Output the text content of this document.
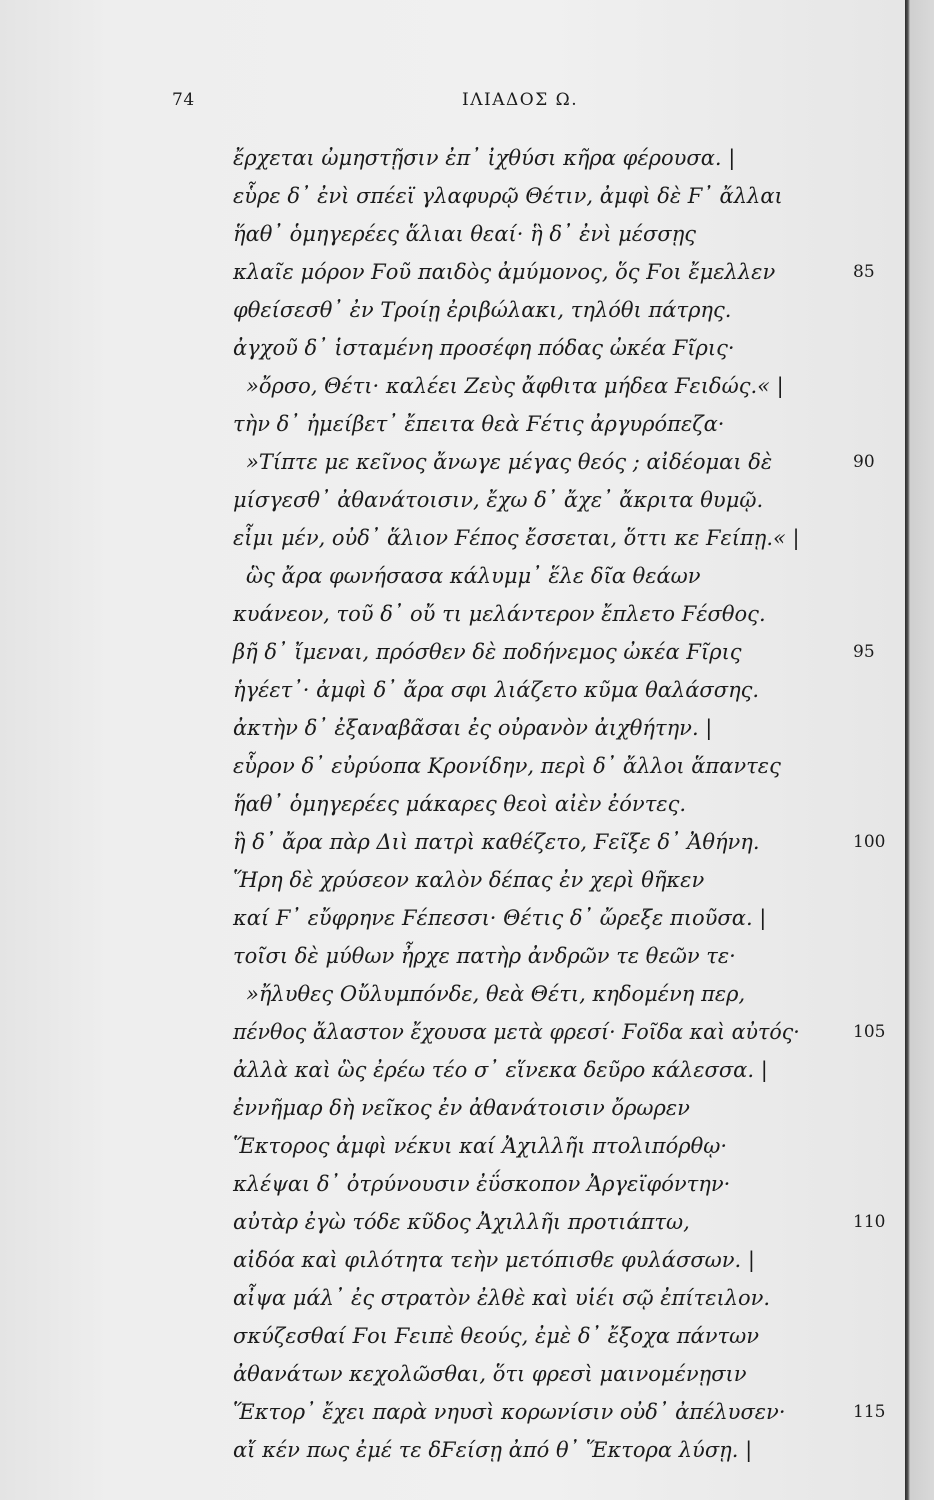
74	ΙΛΙΑΔΟΣ Ω.
ἔρχεται ὠμηστῇσιν ἐπ᾽ ἰχθύσι κῆρα φέρουσα. |
εὗρε δ᾽ ἐνὶ σπέεϊ γλαφυρῷ Θέτιν, ἀμφὶ δὲ Ϝ᾽ ἄλλαι
ἥαθ᾽ ὁμηγερέες ἅλιαι θεαί· ἣ δ᾽ ἐνὶ μέσσῃς
κλαῖε μόρον Ϝοῦ παιδὸς ἀμύμονος, ὅς Ϝοι ἔμελλεν
φθείσεσθ᾽ ἐν Τροίῃ ἐριβώλακι, τηλόθι πάτρης.
ἀγχοῦ δ᾽ ἱσταμένη προσέφη πόδας ὠκέα Ϝῖρις·
»ὄρσο, Θέτι· καλέει Ζεὺς ἄφθιτα μήδεα Ϝειδώς.« |
τὴν δ᾽ ἠμείβετ᾽ ἔπειτα θεὰ Ϝέτις ἀργυρόπεζα·
»Τίπτε με κεῖνος ἄνωγε μέγας θεός ; αἰδέομαι δὲ
μίσγεσθ᾽ ἀθανάτοισιν, ἔχω δ᾽ ἄχε᾽ ἄκριτα θυμῷ.
εἶμι μέν, οὐδ᾽ ἅλιον Ϝέπος ἔσσεται, ὅττι κε Ϝείπῃ.« |
ὣς ἄρα φωνήσασα κάλυμμ᾽ ἕλε δῖα θεάων
κυάνεον, τοῦ δ᾽ οὔ τι μελάντερον ἔπλετο Ϝέσθος.
βῆ δ᾽ ἴμεναι, πρόσθεν δὲ ποδήνεμος ὠκέα Ϝῖρις
ἡγέετ᾽· ἀμφὶ δ᾽ ἄρα σφι λιάζετο κῦμα θαλάσσης.
ἀκτὴν δ᾽ ἐξαναβᾶσαι ἐς οὐρανὸν ἀιχθήτην. |
εὗρον δ᾽ εὐρύοπα Κρονίδην, περὶ δ᾽ ἄλλοι ἅπαντες
ἥαθ᾽ ὁμηγερέες μάκαρες θεοὶ αἰὲν ἐόντες.
ἣ δ᾽ ἄρα πὰρ Διὶ πατρὶ καθέζετο, Ϝεῖξε δ᾽ Ἀθήνη.
Ἥρη δὲ χρύσεον καλὸν δέπας ἐν χερὶ θῆκεν
καί Ϝ᾽ εὔφρηνε Ϝέπεσσι· Θέτις δ᾽ ὤρεξε πιοῦσα. |
τοῖσι δὲ μύθων ἦρχε πατὴρ ἀνδρῶν τε θεῶν τε·
»ἤλυθες Οὔλυμπόνδε, θεὰ Θέτι, κηδομένη περ,
πένθος ἄλαστον ἔχουσα μετὰ φρεσί· Ϝοῖδα καὶ αὐτός·
ἀλλὰ καὶ ὣς ἐρέω τέο σ᾽ εἵνεκα δεῦρο κάλεσσα. |
ἐννῆμαρ δὴ νεῖκος ἐν ἀθανάτοισιν ὄρωρεν
Ἕκτορος ἀμφὶ νέκυι καί Ἀχιλλῆι πτολιπόρθῳ·
κλέψαι δ᾽ ὀτρύνουσιν ἐΰσκοπον Ἀργεϊφόντην·
αὐτὰρ ἐγὼ τόδε κῦδος Ἀχιλλῆι προτιάπτω,
αἰδόα καὶ φιλότητα τεὴν μετόπισθε φυλάσσων. |
αἶψα μάλ᾽ ἐς στρατὸν ἐλθὲ καὶ υἱέι σῷ ἐπίτειλον.
σκύζεσθαί Ϝοι Ϝειπὲ θεούς, ἐμὲ δ᾽ ἔξοχα πάντων
ἀθανάτων κεχολῶσθαι, ὅτι φρεσὶ μαινομένῃσιν
Ἕκτορ᾽ ἔχει παρὰ νηυσὶ κορωνίσιν οὐδ᾽ ἀπέλυσεν·
αἴ κέν πως ἐμέ τε δϜείσῃ ἀπό θ᾽ Ἕκτορα λύσῃ. |
85
90
95
100
105
110
115
